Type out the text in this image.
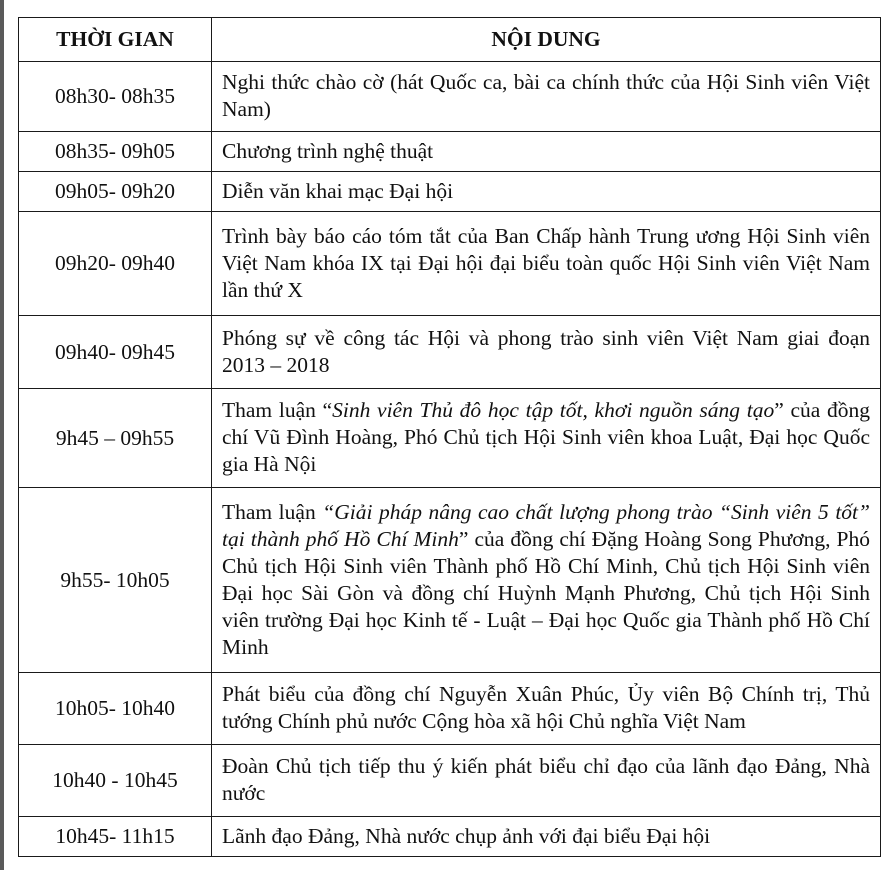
THỜI GIAN	NỘI DUNG
08h30- 08h35	Nghi thức chào cờ (hát Quốc ca, bài ca chính thức của Hội Sinh viên Việt Nam)
08h35- 09h05	Chương trình nghệ thuật
09h05- 09h20	Diễn văn khai mạc Đại hội
09h20- 09h40	Trình bày báo cáo tóm tắt của Ban Chấp hành Trung ương Hội Sinh viên Việt Nam khóa IX tại Đại hội đại biểu toàn quốc Hội Sinh viên Việt Nam lần thứ X
09h40- 09h45	Phóng sự về công tác Hội và phong trào sinh viên Việt Nam giai đoạn 2013 – 2018
9h45 – 09h55	Tham luận “Sinh viên Thủ đô học tập tốt, khơi nguồn sáng tạo” của đồng chí Vũ Đình Hoàng, Phó Chủ tịch Hội Sinh viên khoa Luật, Đại học Quốc gia Hà Nội
9h55- 10h05	Tham luận “Giải pháp nâng cao chất lượng phong trào “Sinh viên 5 tốt” tại thành phố Hồ Chí Minh” của đồng chí Đặng Hoàng Song Phương, Phó Chủ tịch Hội Sinh viên Thành phố Hồ Chí Minh, Chủ tịch Hội Sinh viên Đại học Sài Gòn và đồng chí Huỳnh Mạnh Phương, Chủ tịch Hội Sinh viên trường Đại học Kinh tế - Luật – Đại học Quốc gia Thành phố Hồ Chí Minh
10h05- 10h40	Phát biểu của đồng chí Nguyễn Xuân Phúc, Ủy viên Bộ Chính trị, Thủ tướng Chính phủ nước Cộng hòa xã hội Chủ nghĩa Việt Nam
10h40 - 10h45	Đoàn Chủ tịch tiếp thu ý kiến phát biểu chỉ đạo của lãnh đạo Đảng, Nhà nước
10h45- 11h15	Lãnh đạo Đảng, Nhà nước chụp ảnh với đại biểu Đại hội
